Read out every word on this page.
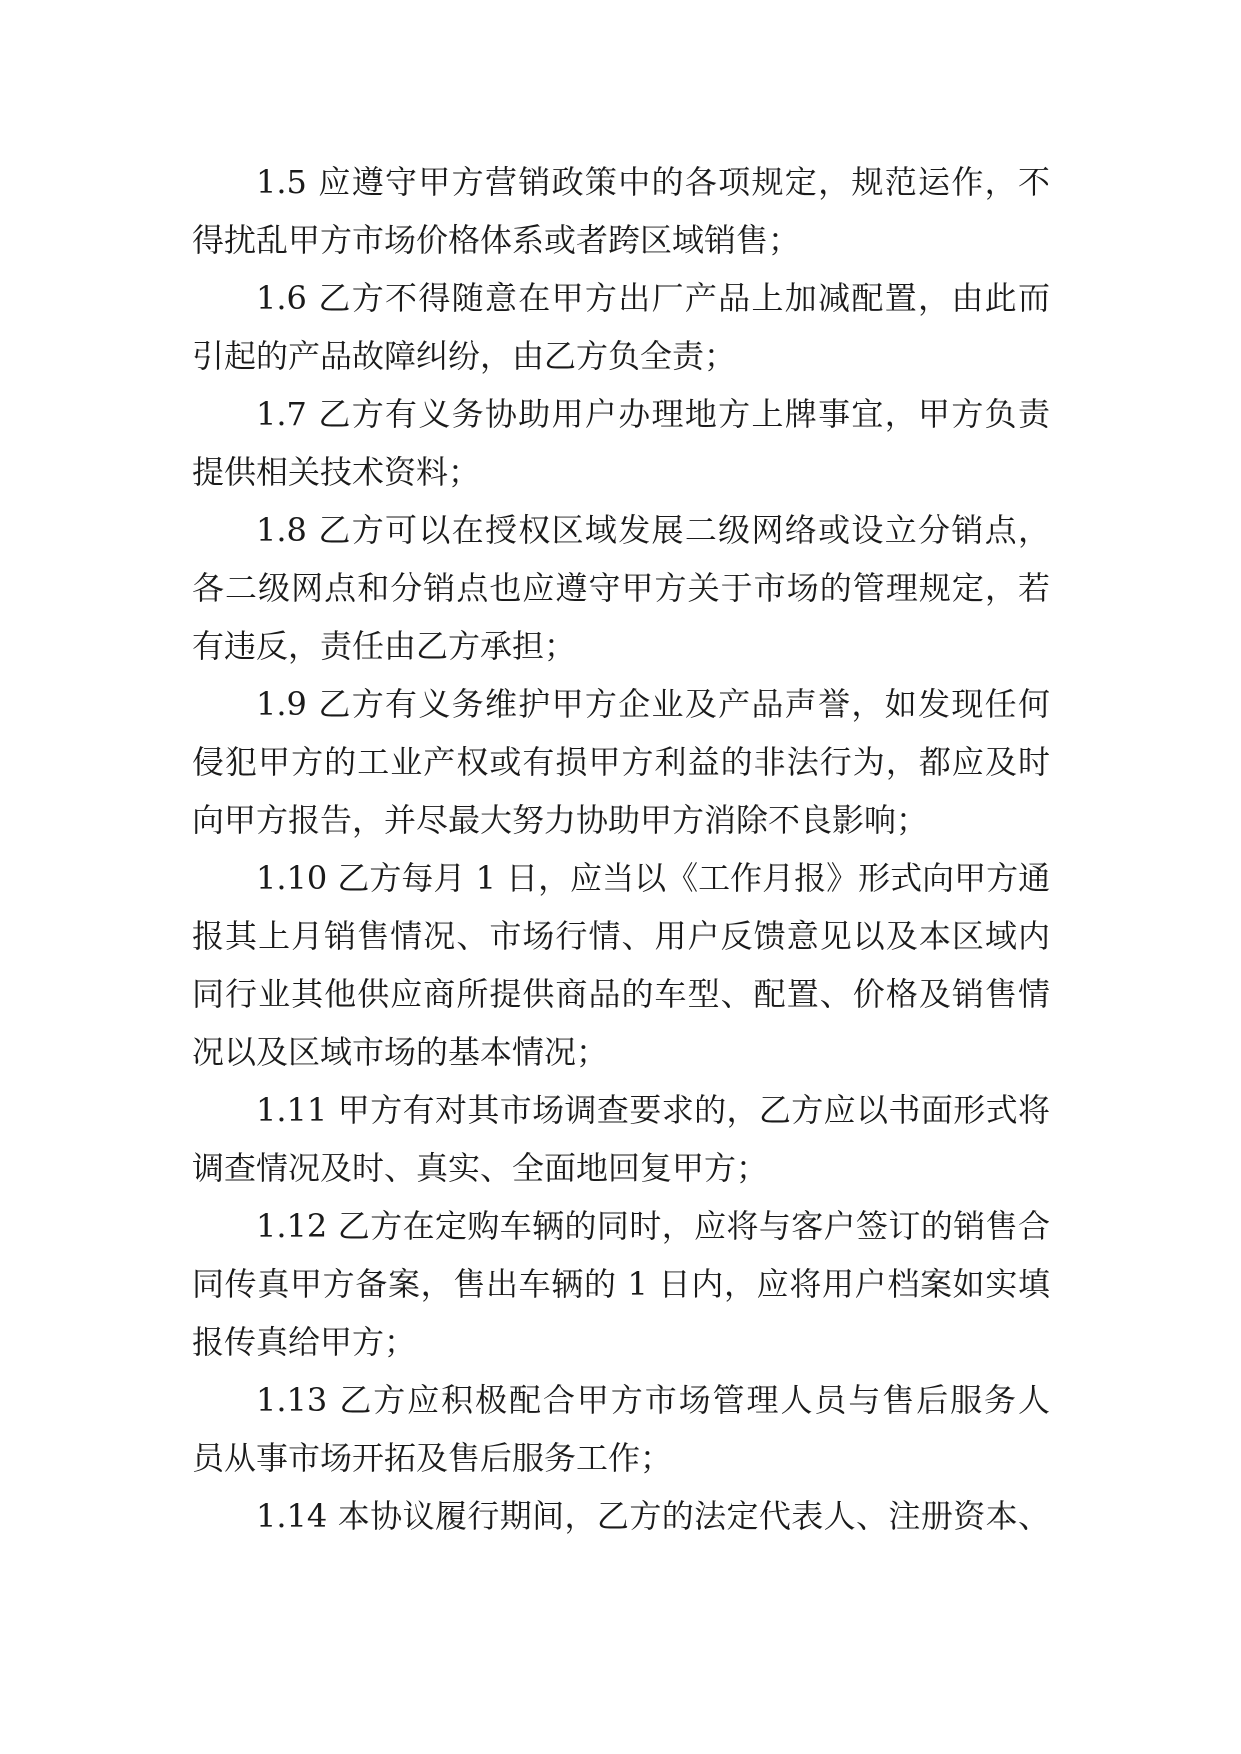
1.5 应遵守甲方营销政策中的各项规定，规范运作，不
得扰乱甲方市场价格体系或者跨区域销售；
1.6 乙方不得随意在甲方出厂产品上加减配置，由此而
引起的产品故障纠纷，由乙方负全责；
1.7 乙方有义务协助用户办理地方上牌事宜，甲方负责
提供相关技术资料；
1.8 乙方可以在授权区域发展二级网络或设立分销点，
各二级网点和分销点也应遵守甲方关于市场的管理规定，若
有违反，责任由乙方承担；
1.9 乙方有义务维护甲方企业及产品声誉，如发现任何
侵犯甲方的工业产权或有损甲方利益的非法行为，都应及时
向甲方报告，并尽最大努力协助甲方消除不良影响；
1.10 乙方每月 1 日，应当以《工作月报》形式向甲方通
报其上月销售情况、市场行情、用户反馈意见以及本区域内
同行业其他供应商所提供商品的车型、配置、价格及销售情
况以及区域市场的基本情况；
1.11 甲方有对其市场调查要求的，乙方应以书面形式将
调查情况及时、真实、全面地回复甲方；
1.12 乙方在定购车辆的同时，应将与客户签订的销售合
同传真甲方备案，售出车辆的 1 日内，应将用户档案如实填
报传真给甲方；
1.13 乙方应积极配合甲方市场管理人员与售后服务人
员从事市场开拓及售后服务工作；
1.14 本协议履行期间，乙方的法定代表人、注册资本、
